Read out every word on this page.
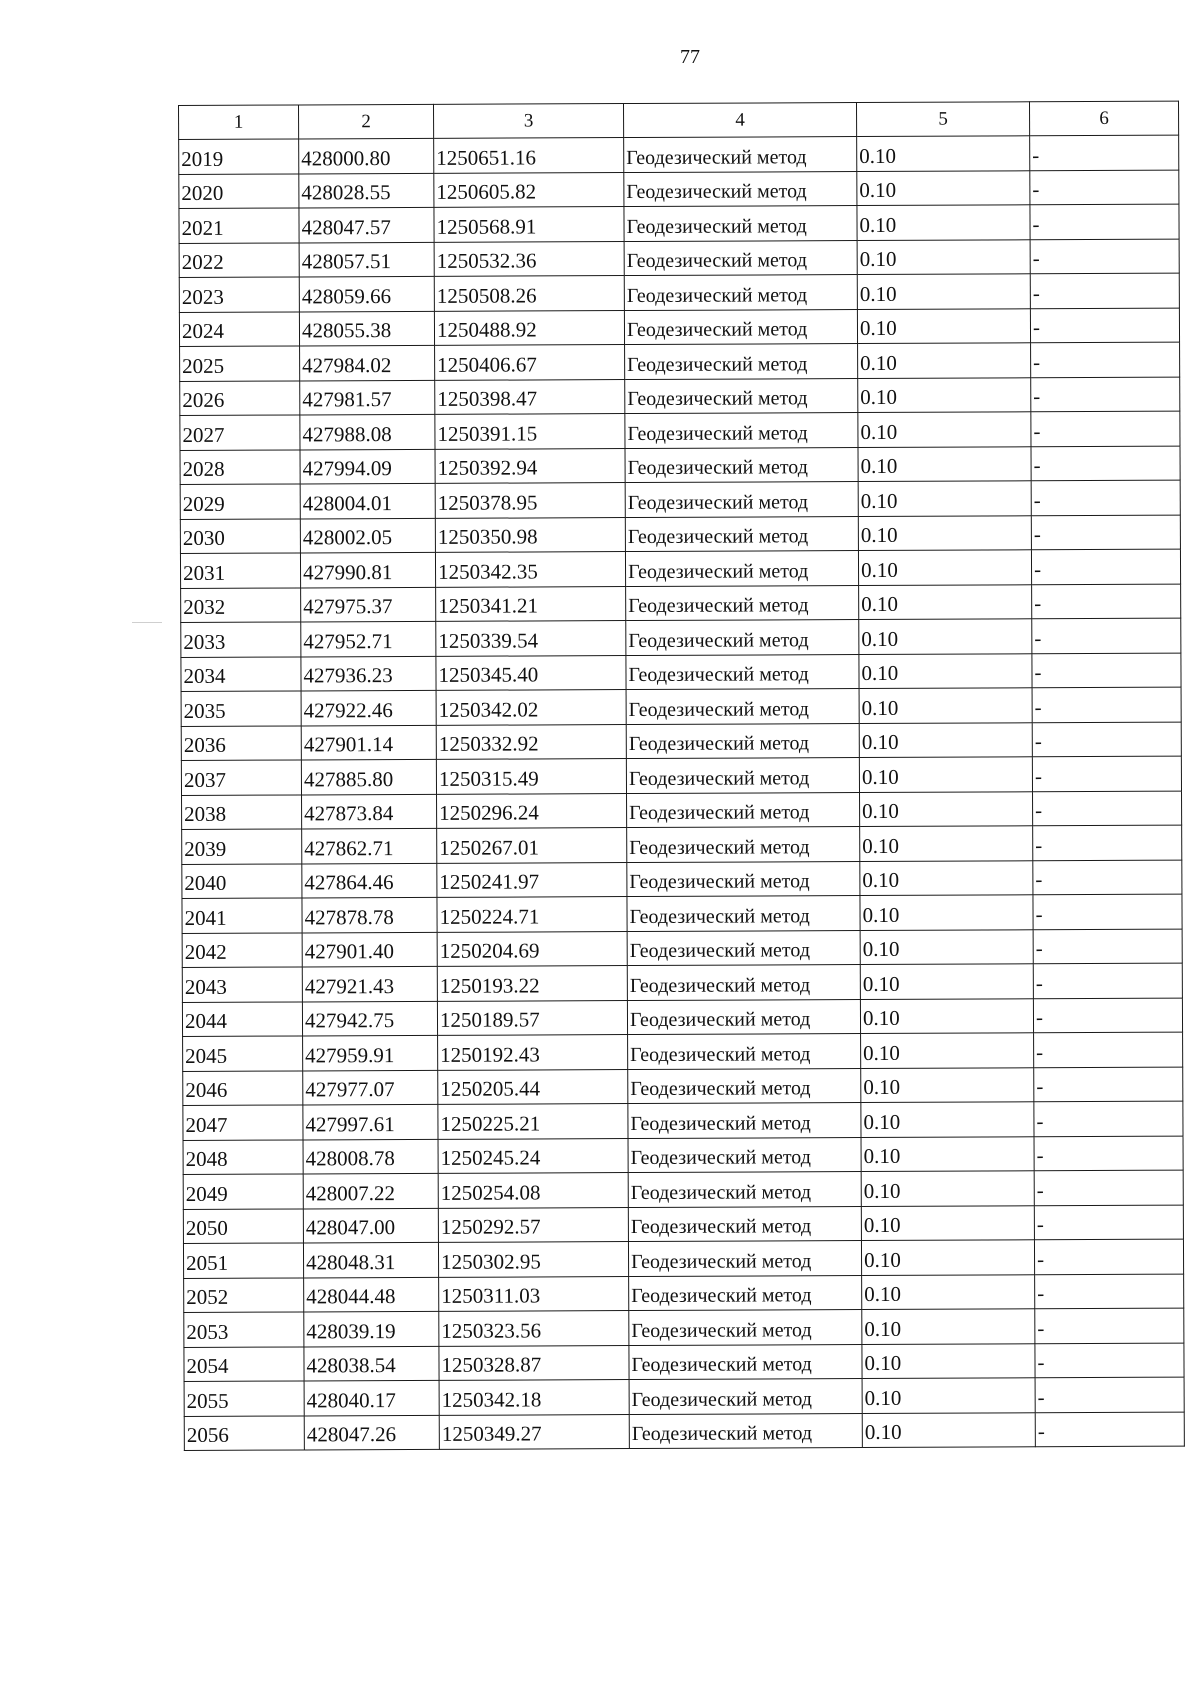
77
1	2	3	4	5	6
2019	428000.80	1250651.16	Геодезический метод	0.10	-
2020	428028.55	1250605.82	Геодезический метод	0.10	-
2021	428047.57	1250568.91	Геодезический метод	0.10	-
2022	428057.51	1250532.36	Геодезический метод	0.10	-
2023	428059.66	1250508.26	Геодезический метод	0.10	-
2024	428055.38	1250488.92	Геодезический метод	0.10	-
2025	427984.02	1250406.67	Геодезический метод	0.10	-
2026	427981.57	1250398.47	Геодезический метод	0.10	-
2027	427988.08	1250391.15	Геодезический метод	0.10	-
2028	427994.09	1250392.94	Геодезический метод	0.10	-
2029	428004.01	1250378.95	Геодезический метод	0.10	-
2030	428002.05	1250350.98	Геодезический метод	0.10	-
2031	427990.81	1250342.35	Геодезический метод	0.10	-
2032	427975.37	1250341.21	Геодезический метод	0.10	-
2033	427952.71	1250339.54	Геодезический метод	0.10	-
2034	427936.23	1250345.40	Геодезический метод	0.10	-
2035	427922.46	1250342.02	Геодезический метод	0.10	-
2036	427901.14	1250332.92	Геодезический метод	0.10	-
2037	427885.80	1250315.49	Геодезический метод	0.10	-
2038	427873.84	1250296.24	Геодезический метод	0.10	-
2039	427862.71	1250267.01	Геодезический метод	0.10	-
2040	427864.46	1250241.97	Геодезический метод	0.10	-
2041	427878.78	1250224.71	Геодезический метод	0.10	-
2042	427901.40	1250204.69	Геодезический метод	0.10	-
2043	427921.43	1250193.22	Геодезический метод	0.10	-
2044	427942.75	1250189.57	Геодезический метод	0.10	-
2045	427959.91	1250192.43	Геодезический метод	0.10	-
2046	427977.07	1250205.44	Геодезический метод	0.10	-
2047	427997.61	1250225.21	Геодезический метод	0.10	-
2048	428008.78	1250245.24	Геодезический метод	0.10	-
2049	428007.22	1250254.08	Геодезический метод	0.10	-
2050	428047.00	1250292.57	Геодезический метод	0.10	-
2051	428048.31	1250302.95	Геодезический метод	0.10	-
2052	428044.48	1250311.03	Геодезический метод	0.10	-
2053	428039.19	1250323.56	Геодезический метод	0.10	-
2054	428038.54	1250328.87	Геодезический метод	0.10	-
2055	428040.17	1250342.18	Геодезический метод	0.10	-
2056	428047.26	1250349.27	Геодезический метод	0.10	-
